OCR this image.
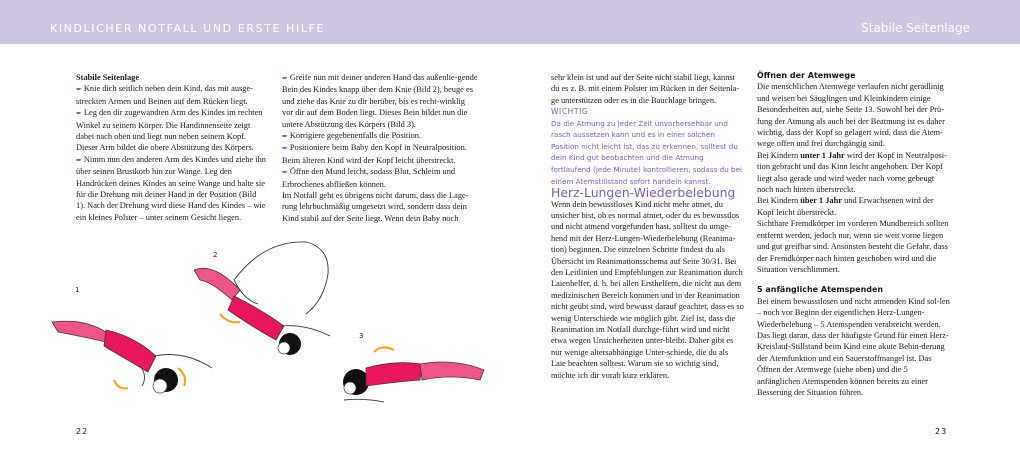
KINDLICHER NOTFALL UND ERSTE HILFE	Stabile Seitenlage

Stabile Seitenlage

➨ Knie dich seitlich neben dein Kind, das mit ausge-streckten Armen und Beinen auf dem Rücken liegt.

➨ Leg den dir zugewandten Arm des Kindes im rechten Winkel zu seinem Körper. Die Handinnenseite zeigt dabei nach oben und liegt nun neben seinem Kopf. Dieser Arm bildet die obere Abstützung des Körpers.

➨ Nimm nun den anderen Arm des Kindes und ziehe ihn über seinen Brustkorb hin zur Wange. Leg den Handrücken deines Kindes an seine Wange und halte sie für die Drehung mit deiner Hand in der Position (Bild 1). Nach der Drehung wird diese Hand des Kindes – wie ein kleines Polster – unter seinem Gesicht liegen.

➨ Greife nun mit deiner anderen Hand das außenlie-gende Bein des Kindes knapp über dem Knie (Bild 2), beuge es und ziehe das Knie zu dir herüber, bis es recht-winklig vor dir auf dem Boden liegt. Dieses Bein bildet nun die untere Abstützung des Körpers (Bild 3).

➨ Korrigiere gegebenenfalls die Position.

➨ Positioniere beim Baby den Kopf in Neutralposition. Beim älteren Kind wird der Kopf leicht überstreckt.

➨ Öffne den Mund leicht, sodass Blut, Schleim und Erbrochenes abfließen können.

Im Notfall geht es übrigens nicht darum, dass die Lage-rung lehrbuchmäßig umgesetzt wird, sondern dass dein Kind stabil auf der Seite liegt. Wenn dein Baby noch

1
2
3

sehr klein ist und auf der Seite nicht stabil liegt, kannst du es z. B. mit einem Polster im Rücken in der Seitenla-ge unterstützen oder es in die Bauchlage bringen.

WICHTIG

Da die Atmung zu jeder Zeit unvorhersehbar und rasch aussetzen kann und es in einer solchen Position nicht leicht ist, das zu erkennen, solltest du dein Kind gut beobachten und die Atmung fortlaufend (jede Minute) kontrollieren, sodass du bei einem Atemstillstand sofort handeln kannst.

Herz-Lungen-Wiederbelebung

Wenn dein bewusstloses Kind nicht mehr atmet, du unsicher bist, ob es normal atmet, oder du es bewusstlos und nicht atmend vorgefunden hast, solltest du umge-hend mit der Herz-Lungen-Wiederbelebung (Reanima-tion) beginnen. Die einzelnen Schritte findest du als Übersicht im Reanimationsschema auf Seite 30/31. Bei den Leitlinien und Empfehlungen zur Reanimation durch Laienhelfer, d. h. bei allen Ersthelfern, die nicht aus dem medizinischen Bereich kommen und in der Reanimation nicht geübt sind, wird bewusst darauf geachtet, dass es so wenig Unterschiede wie möglich gibt. Ziel ist, dass die Reanimation im Notfall durchge-führt wird und nicht etwa wegen Unsicherheiten unter-bleibt. Daher gibt es nur wenige altersabhängige Unter-schiede, die du als Laie beachten solltest. Warum sie so wichtig sind, möchte ich dir vorab kurz erklären.

Öffnen der Atemwege

Die menschlichen Atemwege verlaufen nicht geradlinig und weisen bei Säuglingen und Kleinkindern einige Besonderheiten auf, siehe Seite 13. Sowohl bei der Prü-fung der Atmung als auch bei der Beatmung ist es daher wichtig, dass der Kopf so gelagert wird, dass die Atem-wege offen und frei durchgängig sind.

Bei Kindern unter 1 Jahr wird der Kopf in Neutralposi-tion gebracht und das Kinn leicht angehoben. Der Kopf liegt also gerade und wird weder nach vorne gebeugt noch nach hinten überstreckt.

Bei Kindern über 1 Jahr und Erwachsenen wird der Kopf leicht überstreckt.

Sichtbare Fremdkörper im vorderen Mundbereich sollten entfernt werden, jedoch nur, wenn sie weit vorne liegen und gut greifbar sind. Ansonsten besteht die Gefahr, dass der Fremdkörper nach hinten geschoben wird und die Situation verschlimmert.

5 anfängliche Atemspenden

Bei einem bewusstlosen und nicht atmenden Kind sol-len – noch vor Beginn der eigentlichen Herz-Lungen-Wiederbelebung – 5 Atemspenden verabreicht werden. Das liegt daran, dass der häufigste Grund für einen Herz-Kreislauf-Stillstand beim Kind eine akute Behin-derung der Atemfunktion und ein Sauerstoffmangel ist. Das Öffnen der Atemwege (siehe oben) und die 5 anfänglichen Atemspenden können bereits zu einer Besserung der Situation führen.

22	23
